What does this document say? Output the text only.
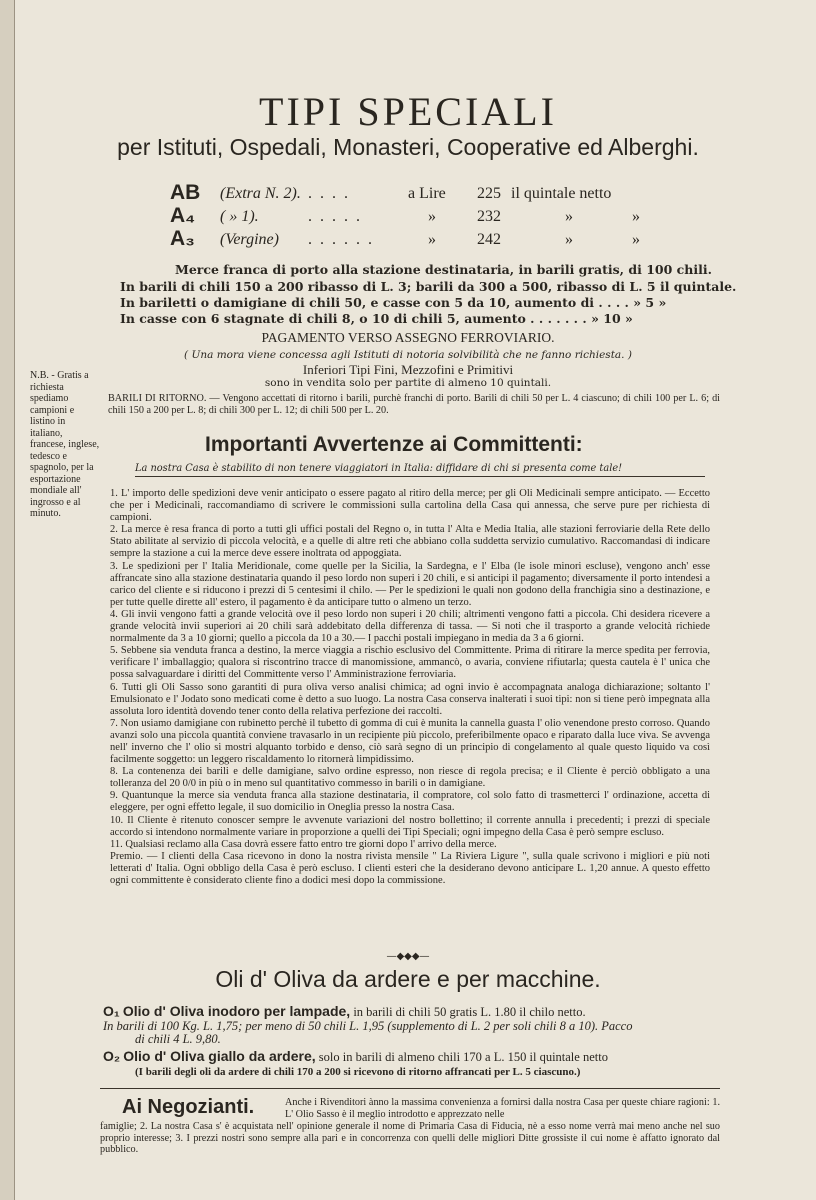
TIPI SPECIALI
per Istituti, Ospedali, Monasteri, Cooperative ed Alberghi.
AB (Extra N. 2). . . . .	a Lire 225 il quintale netto
A₄ ( » 1).	. . . . .	»	232	»	»
A₃ (Vergine) . . . . . .	»	242	»	»
Merce franca di porto alla stazione destinataria, in barili gratis, di 100 chili.
In barili di chili 150 a 200 ribasso di L. 3; barili da 300 a 500, ribasso di L. 5 il quintale.
In bariletti o damigiane di chili 50, e casse con 5 da 10, aumento di . . . . » 5 »
In casse con 6 stagnate di chili 8, o 10 di chili 5, aumento . . . . . . . » 10 »
PAGAMENTO VERSO ASSEGNO FERROVIARIO.
( Una mora viene concessa agli Istituti di notoria solvibilità che ne fanno richiesta. )
Inferiori Tipi Fini, Mezzofini e Primitivi
sono in vendita solo per partite di almeno 10 quintali.
N.B. - Gratis a richiesta spediamo campioni e listino in italiano, francese, inglese, tedesco e spagnolo, per la esportazione mondiale all' ingrosso e al minuto.
BARILI DI RITORNO. — Vengono accettati di ritorno i barili, purchè franchi di porto. Barili di chili 50 per L. 4 ciascuno; di chili 100 per L. 6; di chili 150 a 200 per L. 8; di chili 300 per L. 12; di chili 500 per L. 20.
Importanti Avvertenze ai Committenti:
La nostra Casa è stabilito di non tenere viaggiatori in Italia: diffidare di chi si presenta come tale!
1. L' importo delle spedizioni deve venir anticipato o essere pagato al ritiro della merce; per gli Oli Medicinali sempre anticipato. — Eccetto che per i Medicinali, raccomandiamo di scrivere le commissioni sulla cartolina della Casa qui annessa, che serve pure per richiesta di campioni.
2. La merce è resa franca di porto a tutti gli uffici postali del Regno o, in tutta l' Alta e Media Italia, alle stazioni ferroviarie della Rete dello Stato abilitate al servizio di piccola velocità, e a quelle di altre reti che abbiano colla suddetta servizio cumulativo. Raccomandasi di indicare sempre la stazione a cui la merce deve essere inoltrata od appoggiata.
3. Le spedizioni per l' Italia Meridionale, come quelle per la Sicilia, la Sardegna, e l' Elba (le isole minori escluse), vengono anch' esse affrancate sino alla stazione destinataria quando il peso lordo non superi i 20 chili, e si anticipi il pagamento; diversamente il porto intendesi a carico del cliente e si riducono i prezzi di 5 centesimi il chilo. — Per le spedizioni le quali non godono della franchigia sino a destinazione, e per tutte quelle dirette all' estero, il pagamento è da anticipare tutto o almeno un terzo.
4. Gli invii vengono fatti a grande velocità ove il peso lordo non superi i 20 chili; altrimenti vengono fatti a piccola. Chi desidera ricevere a grande velocità invii superiori ai 20 chili sarà addebitato della differenza di tassa. — Si noti che il trasporto a grande velocità richiede normalmente da 3 a 10 giorni; quello a piccola da 10 a 30.— I pacchi postali impiegano in media da 3 a 6 giorni.
5. Sebbene sia venduta franca a destino, la merce viaggia a rischio esclusivo del Committente. Prima di ritirare la merce spedita per ferrovia, verificare l' imballaggio; qualora si riscontrino tracce di manomissione, ammancò, o avaria, conviene rifiutarla; questa cautela è l' unica che possa salvaguardare i diritti del Committente verso l' Amministrazione ferroviaria.
6. Tutti gli Oli Sasso sono garantiti di pura oliva verso analisi chimica; ad ogni invio è accompagnata analoga dichiarazione; soltanto l' Emulsionato e l' Jodato sono medicati come è detto a suo luogo. La nostra Casa conserva inalterati i suoi tipi: non si tiene però impegnata alla assoluta loro identità dovendo tener conto della relativa perfezione dei raccolti.
7. Non usiamo damigiane con rubinetto perchè il tubetto di gomma di cui è munita la cannella guasta l' olio venendone presto corroso. Quando avanzi solo una piccola quantità conviene travasarlo in un recipiente più piccolo, preferibilmente opaco e riparato dalla luce viva. Se avvenga nell' inverno che l' olio si mostri alquanto torbido e denso, ciò sarà segno di un principio di congelamento al quale questo liquido va così facilmente soggetto: un leggero riscaldamento lo ritornerà limpidissimo.
8. La contenenza dei barili e delle damigiane, salvo ordine espresso, non riesce di regola precisa; e il Cliente è perciò obbligato a una tolleranza del 20 0/0 in più o in meno sul quantitativo commesso in barili o in damigiane.
9. Quantunque la merce sia venduta franca alla stazione destinataria, il compratore, col solo fatto di trasmetterci l' ordinazione, accetta di eleggere, per ogni effetto legale, il suo domicilio in Oneglia presso la nostra Casa.
10. Il Cliente è ritenuto conoscer sempre le avvenute variazioni del nostro bollettino; il corrente annulla i precedenti; i prezzi di speciale accordo si intendono normalmente variare in proporzione a quelli dei Tipi Speciali; ogni impegno della Casa è però sempre escluso.
11. Qualsiasi reclamo alla Casa dovrà essere fatto entro tre giorni dopo l' arrivo della merce.
Premio. — I clienti della Casa ricevono in dono la nostra rivista mensile " La Riviera Ligure ", sulla quale scrivono i migliori e più noti letterati d' Italia. Ogni obbligo della Casa è però escluso. I clienti esteri che la desiderano devono anticipare L. 1,20 annue. A questo effetto ogni committente è considerato cliente fino a dodici mesi dopo la commissione.
—◆◆◆—
Oli d' Oliva da ardere e per macchine.
O₁ Olio d' Oliva inodoro per lampade, in barili di chili 50 gratis L. 1.80 il chilo netto.
In barili di 100 Kg. L. 1,75; per meno di 50 chili L. 1,95 (supplemento di L. 2 per soli chili 8 a 10). Pacco
di chili 4 L. 9,80.
O₂ Olio d' Oliva giallo da ardere, solo in barili di almeno chili 170 a L. 150 il quintale netto
(I barili degli oli da ardere di chili 170 a 200 si ricevono di ritorno affrancati per L. 5 ciascuno.)
Ai Negozianti.	Anche i Rivenditori ànno la massima convenienza a fornirsi dalla nostra Casa per queste chiare ragioni: 1. L' Olio Sasso è il meglio introdotto e apprezzato nelle
famiglie; 2. La nostra Casa s' è acquistata nell' opinione generale il nome di Primaria Casa di Fiducia, nè a esso nome verrà mai meno anche nel suo proprio interesse; 3. I prezzi nostri sono sempre alla pari e in concorrenza con quelli delle migliori Ditte grossiste il cui nome è affatto ignorato dal pubblico.
